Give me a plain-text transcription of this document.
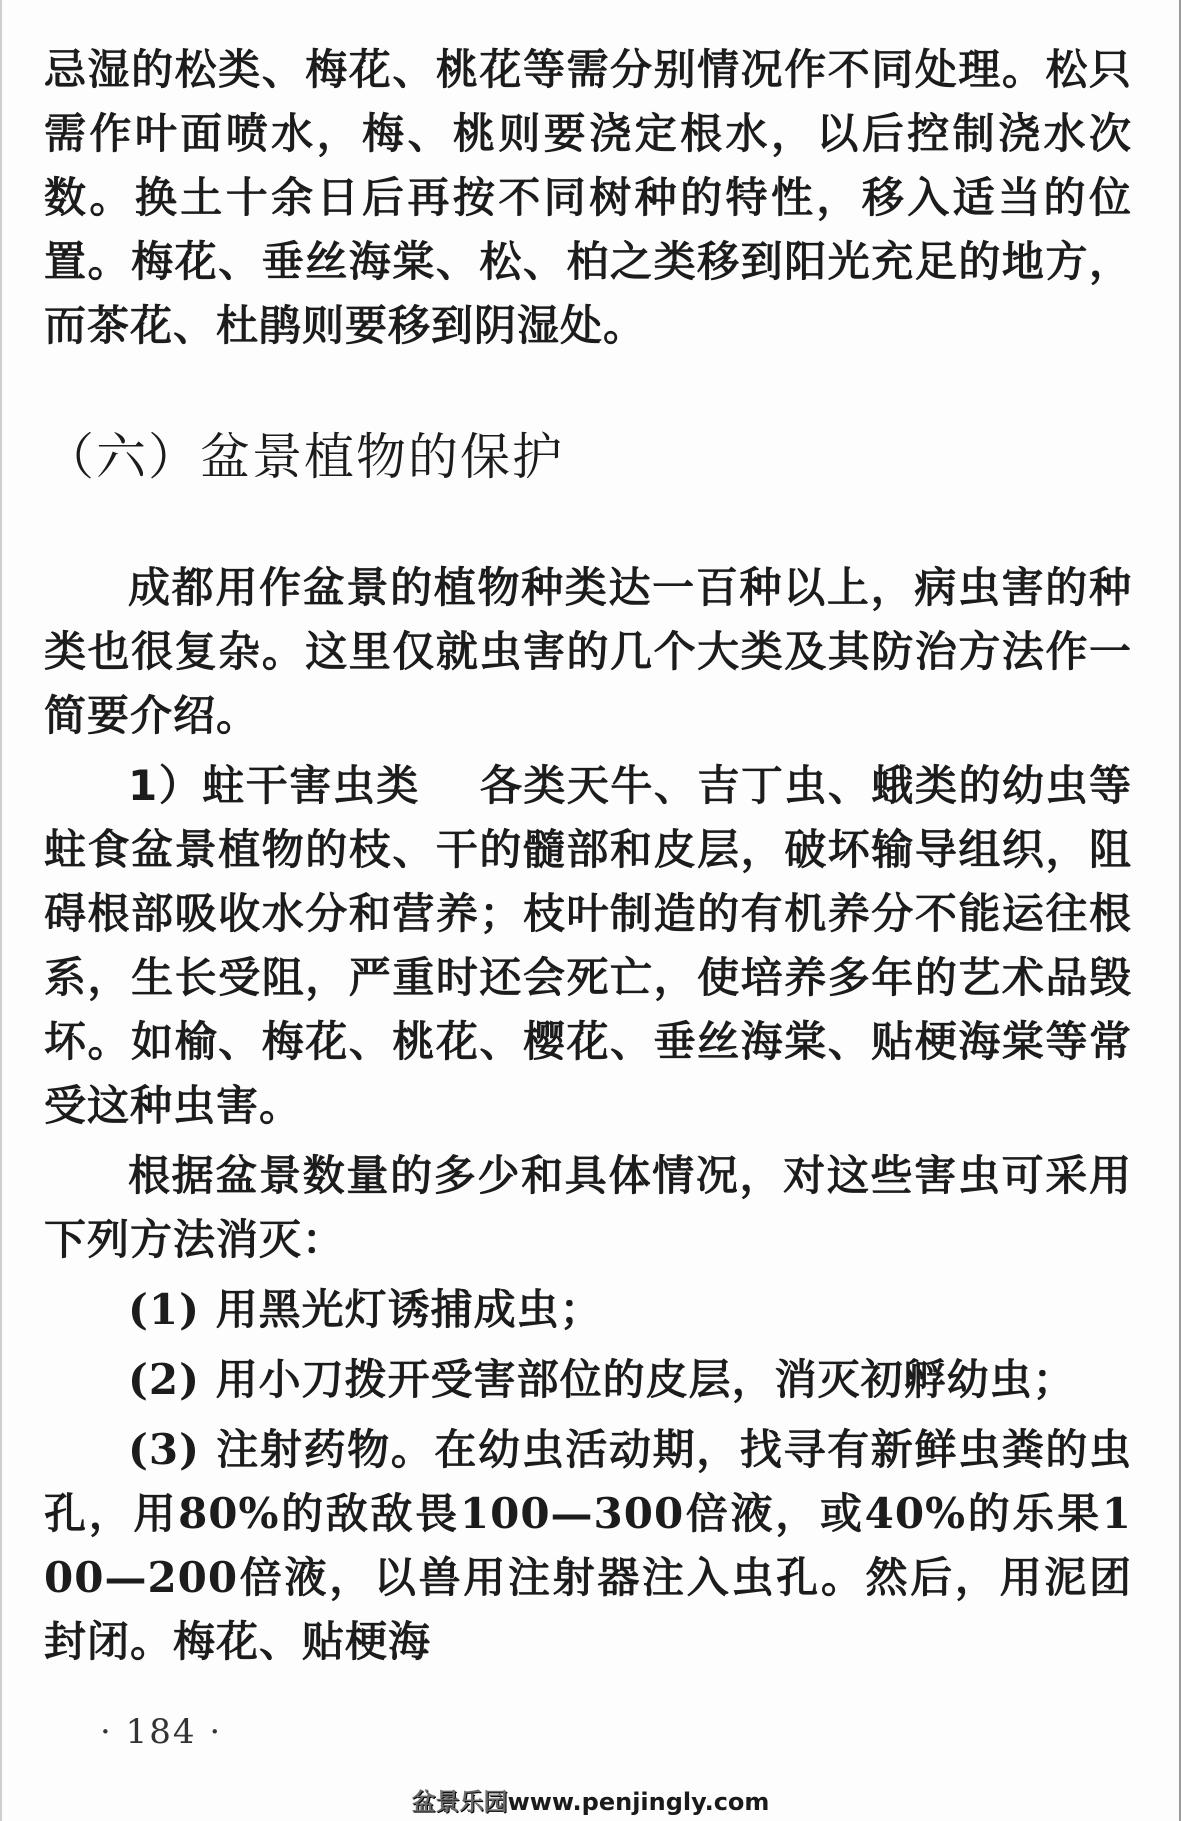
忌湿的松类、梅花、桃花等需分别情况作不同处理。松只需作叶面喷水，梅、桃则要浇定根水，以后控制浇水次数。换土十余日后再按不同树种的特性，移入适当的位置。梅花、垂丝海棠、松、柏之类移到阳光充足的地方，而茶花、杜鹃则要移到阴湿处。

（六）盆景植物的保护

成都用作盆景的植物种类达一百种以上，病虫害的种类也很复杂。这里仅就虫害的几个大类及其防治方法作一简要介绍。

1）蛀干害虫类 各类天牛、吉丁虫、蛾类的幼虫等蛀食盆景植物的枝、干的髓部和皮层，破坏输导组织，阻碍根部吸收水分和营养；枝叶制造的有机养分不能运往根系，生长受阻，严重时还会死亡，使培养多年的艺术品毁坏。如榆、梅花、桃花、樱花、垂丝海棠、贴梗海棠等常受这种虫害。

根据盆景数量的多少和具体情况，对这些害虫可采用下列方法消灭：

(1) 用黑光灯诱捕成虫；

(2) 用小刀拨开受害部位的皮层，消灭初孵幼虫；

(3) 注射药物。在幼虫活动期，找寻有新鲜虫粪的虫孔，用80%的敌敌畏100—300倍液，或40%的乐果100—200倍液，以兽用注射器注入虫孔。然后，用泥团封闭。梅花、贴梗海

· 184 ·
盆景乐园www.penjingly.com
